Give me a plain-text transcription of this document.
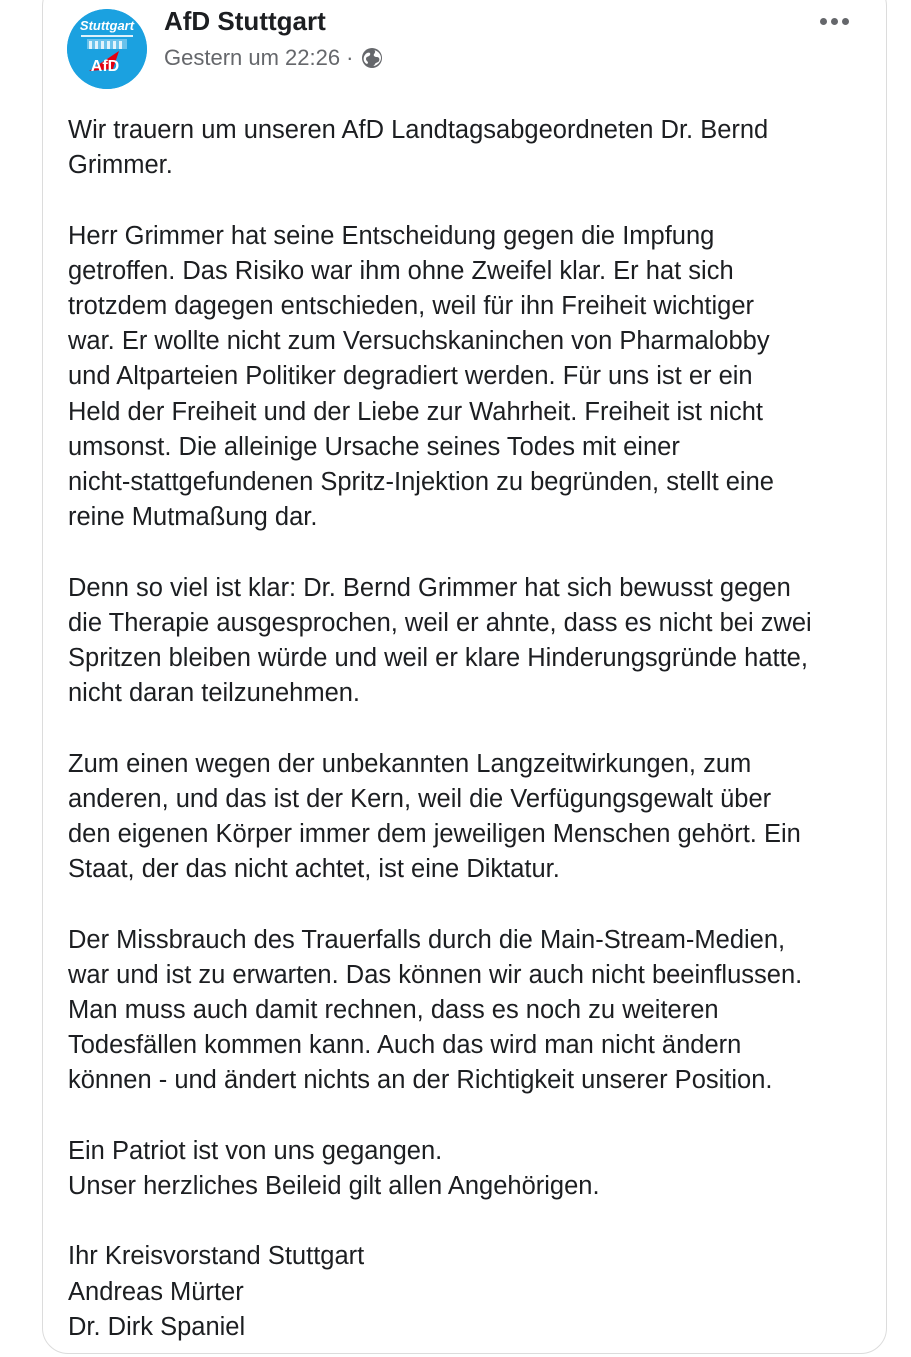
Stuttgart
AfD
AfD Stuttgart
Gestern um 22:26 ·

Wir trauern um unseren AfD Landtagsabgeordneten Dr. Bernd
Grimmer.

Herr Grimmer hat seine Entscheidung gegen die Impfung
getroffen. Das Risiko war ihm ohne Zweifel klar. Er hat sich
trotzdem dagegen entschieden, weil für ihn Freiheit wichtiger
war. Er wollte nicht zum Versuchskaninchen von Pharmalobby
und Altparteien Politiker degradiert werden. Für uns ist er ein
Held der Freiheit und der Liebe zur Wahrheit. Freiheit ist nicht
umsonst. Die alleinige Ursache seines Todes mit einer
nicht-stattgefundenen Spritz-Injektion zu begründen, stellt eine
reine Mutmaßung dar.

Denn so viel ist klar: Dr. Bernd Grimmer hat sich bewusst gegen
die Therapie ausgesprochen, weil er ahnte, dass es nicht bei zwei
Spritzen bleiben würde und weil er klare Hinderungsgründe hatte,
nicht daran teilzunehmen.

Zum einen wegen der unbekannten Langzeitwirkungen, zum
anderen, und das ist der Kern, weil die Verfügungsgewalt über
den eigenen Körper immer dem jeweiligen Menschen gehört. Ein
Staat, der das nicht achtet, ist eine Diktatur.

Der Missbrauch des Trauerfalls durch die Main-Stream-Medien,
war und ist zu erwarten. Das können wir auch nicht beeinflussen.
Man muss auch damit rechnen, dass es noch zu weiteren
Todesfällen kommen kann. Auch das wird man nicht ändern
können - und ändert nichts an der Richtigkeit unserer Position.

Ein Patriot ist von uns gegangen.
Unser herzliches Beileid gilt allen Angehörigen.

Ihr Kreisvorstand Stuttgart
Andreas Mürter
Dr. Dirk Spaniel
